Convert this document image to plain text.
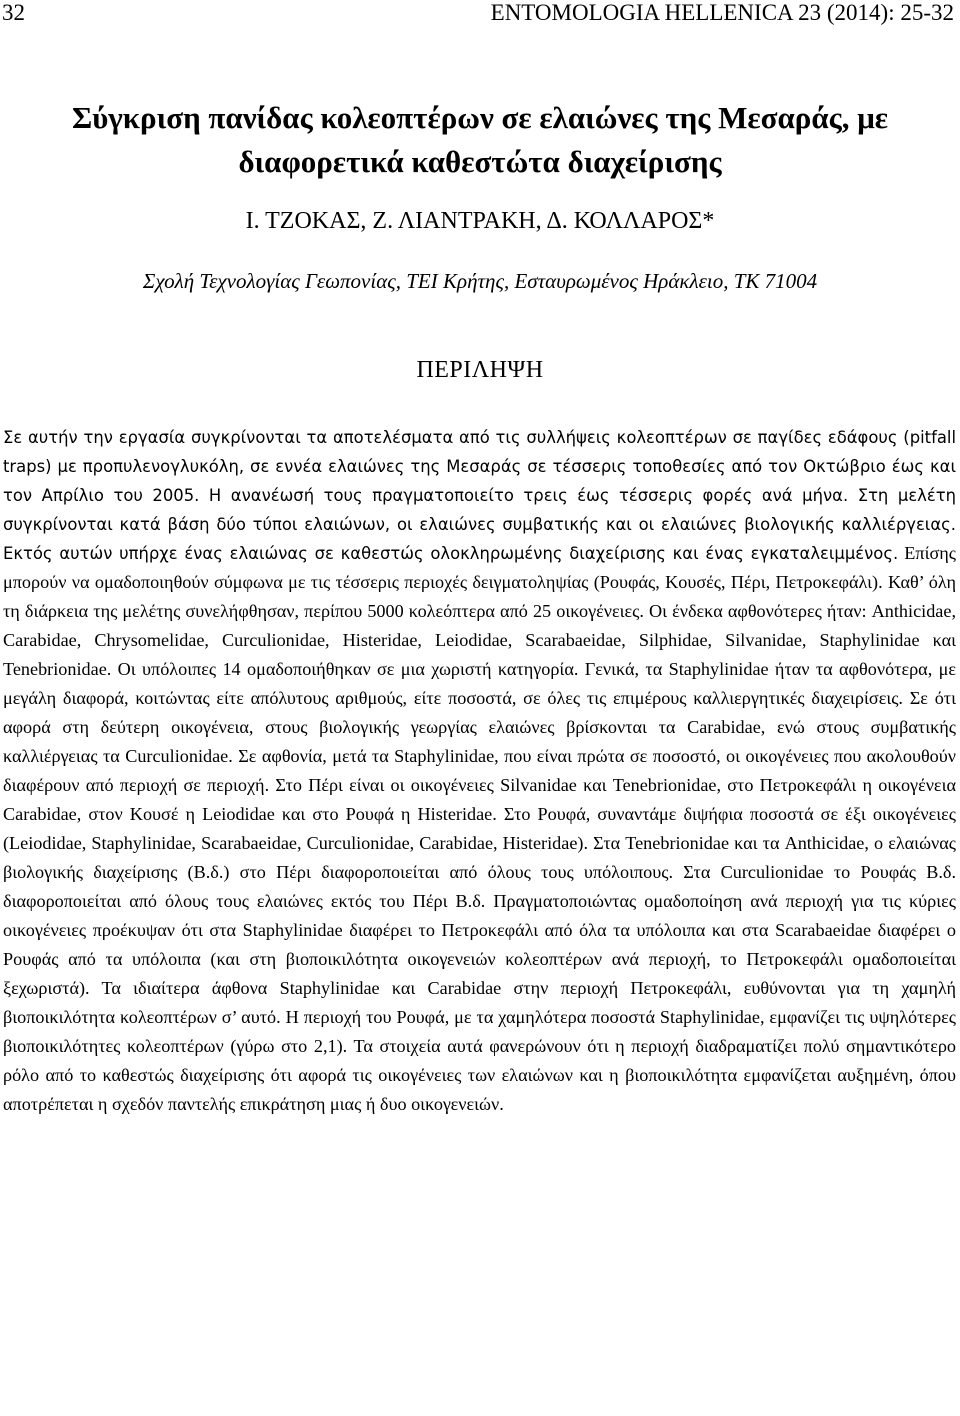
32	ENTOMOLOGIA HELLENICA 23 (2014): 25-32
Σύγκριση πανίδας κολεοπτέρων σε ελαιώνες της Μεσαράς, με
διαφορετικά καθεστώτα διαχείρισης
Ι. ΤΖΟΚΑΣ, Ζ. ΛΙΑΝΤΡΑΚΗ, Δ. ΚΟΛΛΑΡΟΣ*
Σχολή Τεχνολογίας Γεωπονίας, ΤΕΙ Κρήτης, Εσταυρωμένος Ηράκλειο, ΤΚ 71004
ΠΕΡΙΛΗΨΗ

Σε αυτήν την εργασία συγκρίνονται τα αποτελέσματα από τις συλλήψεις κολεοπτέρων σε παγίδες εδάφους (pitfall traps) με προπυλενογλυκόλη, σε εννέα ελαιώνες της Μεσαράς σε τέσσερις τοποθεσίες από τον Οκτώβριο έως και τον Απρίλιο του 2005. Η ανανέωσή τους πραγματοποιείτο τρεις έως τέσσερις φορές ανά μήνα. Στη μελέτη συγκρίνονται κατά βάση δύο τύποι ελαιώνων, οι ελαιώνες συμβατικής και οι ελαιώνες βιολογικής καλλιέργειας. Εκτός αυτών υπήρχε ένας ελαιώνας σε καθεστώς ολοκληρωμένης διαχείρισης και ένας εγκαταλειμμένος. Επίσης μπορούν να ομαδοποιηθούν σύμφωνα με τις τέσσερις περιοχές δειγματοληψίας (Ρουφάς, Κουσές, Πέρι, Πετροκεφάλι). Καθ’ όλη τη διάρκεια της μελέτης συνελήφθησαν, περίπου 5000 κολεόπτερα από 25 οικογένειες. Οι ένδεκα αφθονότερες ήταν: Anthicidae, Carabidae, Chrysomelidae, Curculionidae, Histeridae, Leiodidae, Scarabaeidae, Silphidae, Silvanidae, Staphylinidae και Tenebrionidae. Οι υπόλοιπες 14 ομαδοποιήθηκαν σε μια χωριστή κατηγορία. Γενικά, τα Staphylinidae ήταν τα αφθονότερα, με μεγάλη διαφορά, κοιτώντας είτε απόλυτους αριθμούς, είτε ποσοστά, σε όλες τις επιμέρους καλλιεργητικές διαχειρίσεις. Σε ότι αφορά στη δεύτερη οικογένεια, στους βιολογικής γεωργίας ελαιώνες βρίσκονται τα Carabidae, ενώ στους συμβατικής καλλιέργειας τα Curculionidae. Σε αφθονία, μετά τα Staphylinidae, που είναι πρώτα σε ποσοστό, οι οικογένειες που ακολουθούν διαφέρουν από περιοχή σε περιοχή. Στο Πέρι είναι οι οικογένειες Silvanidae και Tenebrionidae, στο Πετροκεφάλι η οικογένεια Carabidae, στον Κουσέ η Leiodidae και στο Ρουφά η Histeridae. Στο Ρουφά, συναντάμε διψήφια ποσοστά σε έξι οικογένειες (Leiodidae, Staphylinidae, Scarabaeidae, Curculionidae, Carabidae, Histeridae). Στα Tenebrionidae και τα Anthicidae, ο ελαιώνας βιολογικής διαχείρισης (Β.δ.) στο Πέρι διαφοροποιείται από όλους τους υπόλοιπους. Στα Curculionidae το Ρουφάς Β.δ. διαφοροποιείται από όλους τους ελαιώνες εκτός του Πέρι Β.δ. Πραγματοποιώντας ομαδοποίηση ανά περιοχή για τις κύριες οικογένειες προέκυψαν ότι στα Staphylinidae διαφέρει το Πετροκεφάλι από όλα τα υπόλοιπα και στα Scarabaeidae διαφέρει ο Ρουφάς από τα υπόλοιπα (και στη βιοποικιλότητα οικογενειών κολεοπτέρων ανά περιοχή, το Πετροκεφάλι ομαδοποιείται ξεχωριστά). Τα ιδιαίτερα άφθονα Staphylinidae και Carabidae στην περιοχή Πετροκεφάλι, ευθύνονται για τη χαμηλή βιοποικιλότητα κολεοπτέρων σ’ αυτό. Η περιοχή του Ρουφά, με τα χαμηλότερα ποσοστά Staphylinidae, εμφανίζει τις υψηλότερες βιοποικιλότητες κολεοπτέρων (γύρω στο 2,1). Τα στοιχεία αυτά φανερώνουν ότι η περιοχή διαδραματίζει πολύ σημαντικότερο ρόλο από το καθεστώς διαχείρισης ότι αφορά τις οικογένειες των ελαιώνων και η βιοποικιλότητα εμφανίζεται αυξημένη, όπου αποτρέπεται η σχεδόν παντελής επικράτηση μιας ή δυο οικογενειών.
